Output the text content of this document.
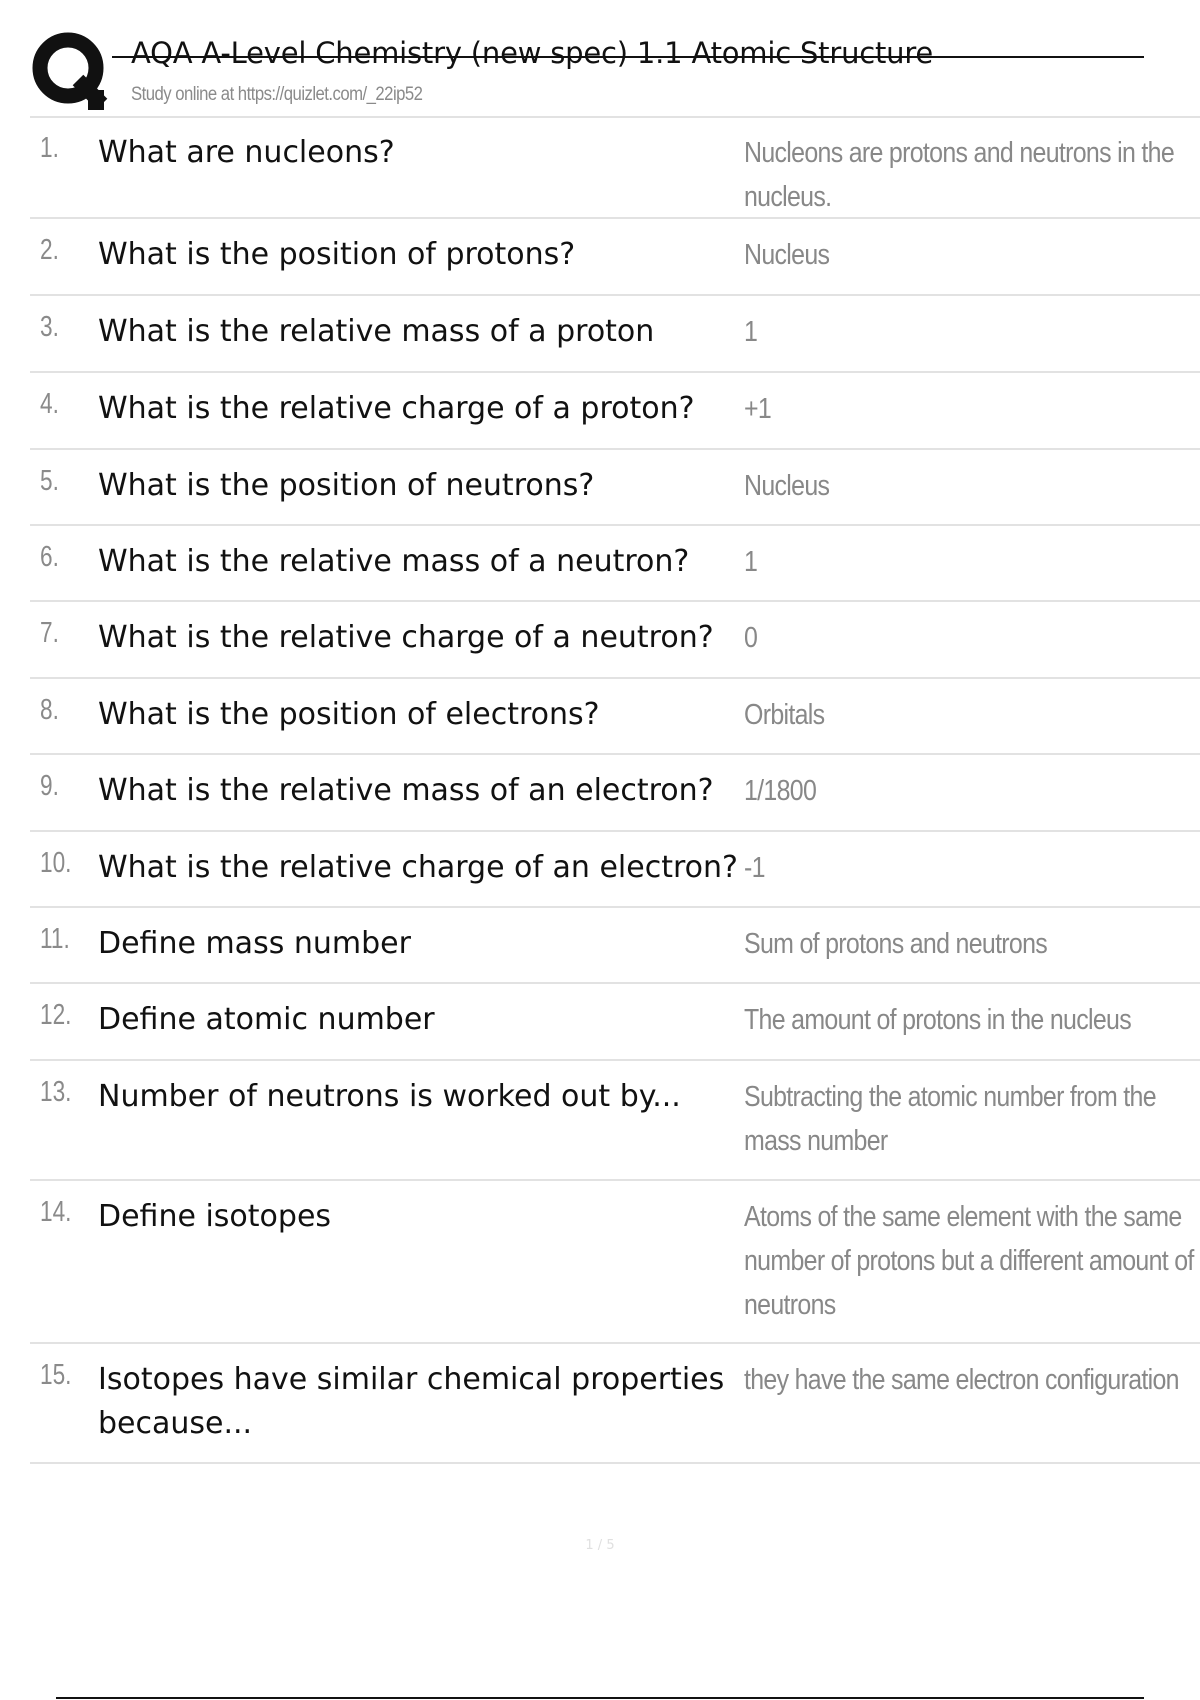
AQA A-Level Chemistry (new spec) 1.1 Atomic Structure
Study online at https://quizlet.com/_22ip52
1. What are nucleons?	Nucleons are protons and neutrons in the nucleus.
2. What is the position of protons?	Nucleus
3. What is the relative mass of a proton	1
4. What is the relative charge of a proton?	+1
5. What is the position of neutrons?	Nucleus
6. What is the relative mass of a neutron?	1
7. What is the relative charge of a neutron?	0
8. What is the position of electrons?	Orbitals
9. What is the relative mass of an electron?	1/1800
10. What is the relative charge of an electron? -1
11. Define mass number	Sum of protons and neutrons
12. Define atomic number	The amount of protons in the nucleus
13. Number of neutrons is worked out by...	Subtracting the atomic number from the mass number
14. Define isotopes	Atoms of the same element with the same number of protons but a different amount of neutrons
15. Isotopes have similar chemical properties because...
they have the same electron configuration
1 / 5
